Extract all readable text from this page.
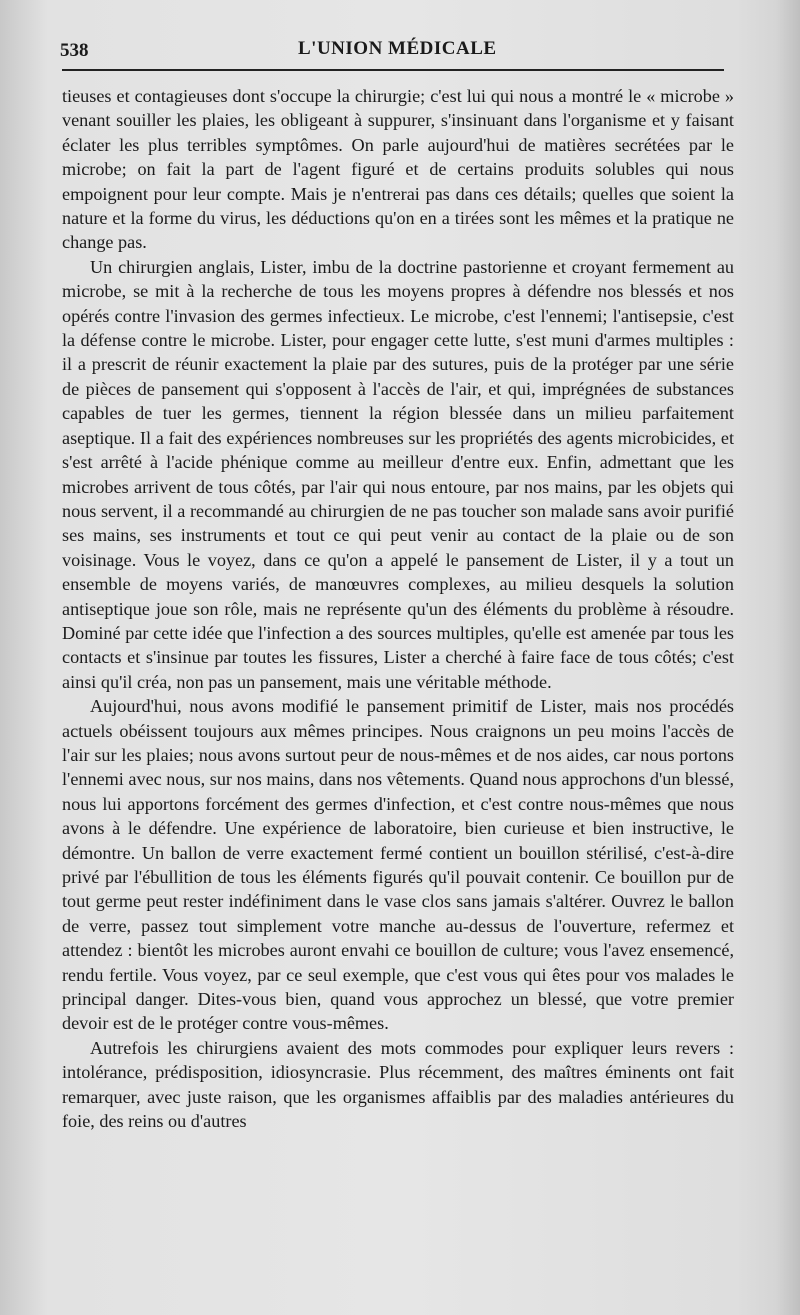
538	L'UNION MÉDICALE

tieuses et contagieuses dont s'occupe la chirurgie; c'est lui qui nous a montré le « microbe » venant souiller les plaies, les obligeant à suppurer, s'insinuant dans l'organisme et y faisant éclater les plus terribles symptômes. On parle aujourd'hui de matières secrétées par le microbe; on fait la part de l'agent figuré et de certains produits solubles qui nous empoignent pour leur compte. Mais je n'entrerai pas dans ces détails; quelles que soient la nature et la forme du virus, les déductions qu'on en a tirées sont les mêmes et la pratique ne change pas.

Un chirurgien anglais, Lister, imbu de la doctrine pastorienne et croyant fermement au microbe, se mit à la recherche de tous les moyens propres à défendre nos blessés et nos opérés contre l'invasion des germes infectieux. Le microbe, c'est l'ennemi; l'antisepsie, c'est la défense contre le microbe. Lister, pour engager cette lutte, s'est muni d'armes multiples : il a prescrit de réunir exactement la plaie par des sutures, puis de la protéger par une série de pièces de pansement qui s'opposent à l'accès de l'air, et qui, imprégnées de substances capables de tuer les germes, tiennent la région blessée dans un milieu parfaitement aseptique. Il a fait des expériences nombreuses sur les propriétés des agents microbicides, et s'est arrêté à l'acide phénique comme au meilleur d'entre eux. Enfin, admettant que les microbes arrivent de tous côtés, par l'air qui nous entoure, par nos mains, par les objets qui nous servent, il a recommandé au chirurgien de ne pas toucher son malade sans avoir purifié ses mains, ses instruments et tout ce qui peut venir au contact de la plaie ou de son voisinage. Vous le voyez, dans ce qu'on a appelé le pansement de Lister, il y a tout un ensemble de moyens variés, de manœuvres complexes, au milieu desquels la solution antiseptique joue son rôle, mais ne représente qu'un des éléments du problème à résoudre. Dominé par cette idée que l'infection a des sources multiples, qu'elle est amenée par tous les contacts et s'insinue par toutes les fissures, Lister a cherché à faire face de tous côtés; c'est ainsi qu'il créa, non pas un pansement, mais une véritable méthode.

Aujourd'hui, nous avons modifié le pansement primitif de Lister, mais nos procédés actuels obéissent toujours aux mêmes principes. Nous craignons un peu moins l'accès de l'air sur les plaies; nous avons surtout peur de nous-mêmes et de nos aides, car nous portons l'ennemi avec nous, sur nos mains, dans nos vêtements. Quand nous approchons d'un blessé, nous lui apportons forcément des germes d'infection, et c'est contre nous-mêmes que nous avons à le défendre. Une expérience de laboratoire, bien curieuse et bien instructive, le démontre. Un ballon de verre exactement fermé contient un bouillon stérilisé, c'est-à-dire privé par l'ébullition de tous les éléments figurés qu'il pouvait contenir. Ce bouillon pur de tout germe peut rester indéfiniment dans le vase clos sans jamais s'altérer. Ouvrez le ballon de verre, passez tout simplement votre manche au-dessus de l'ouverture, refermez et attendez : bientôt les microbes auront envahi ce bouillon de culture; vous l'avez ensemencé, rendu fertile. Vous voyez, par ce seul exemple, que c'est vous qui êtes pour vos malades le principal danger. Dites-vous bien, quand vous approchez un blessé, que votre premier devoir est de le protéger contre vous-mêmes.

Autrefois les chirurgiens avaient des mots commodes pour expliquer leurs revers : intolérance, prédisposition, idiosyncrasie. Plus récemment, des maîtres éminents ont fait remarquer, avec juste raison, que les organismes affaiblis par des maladies antérieures du foie, des reins ou d'autres
